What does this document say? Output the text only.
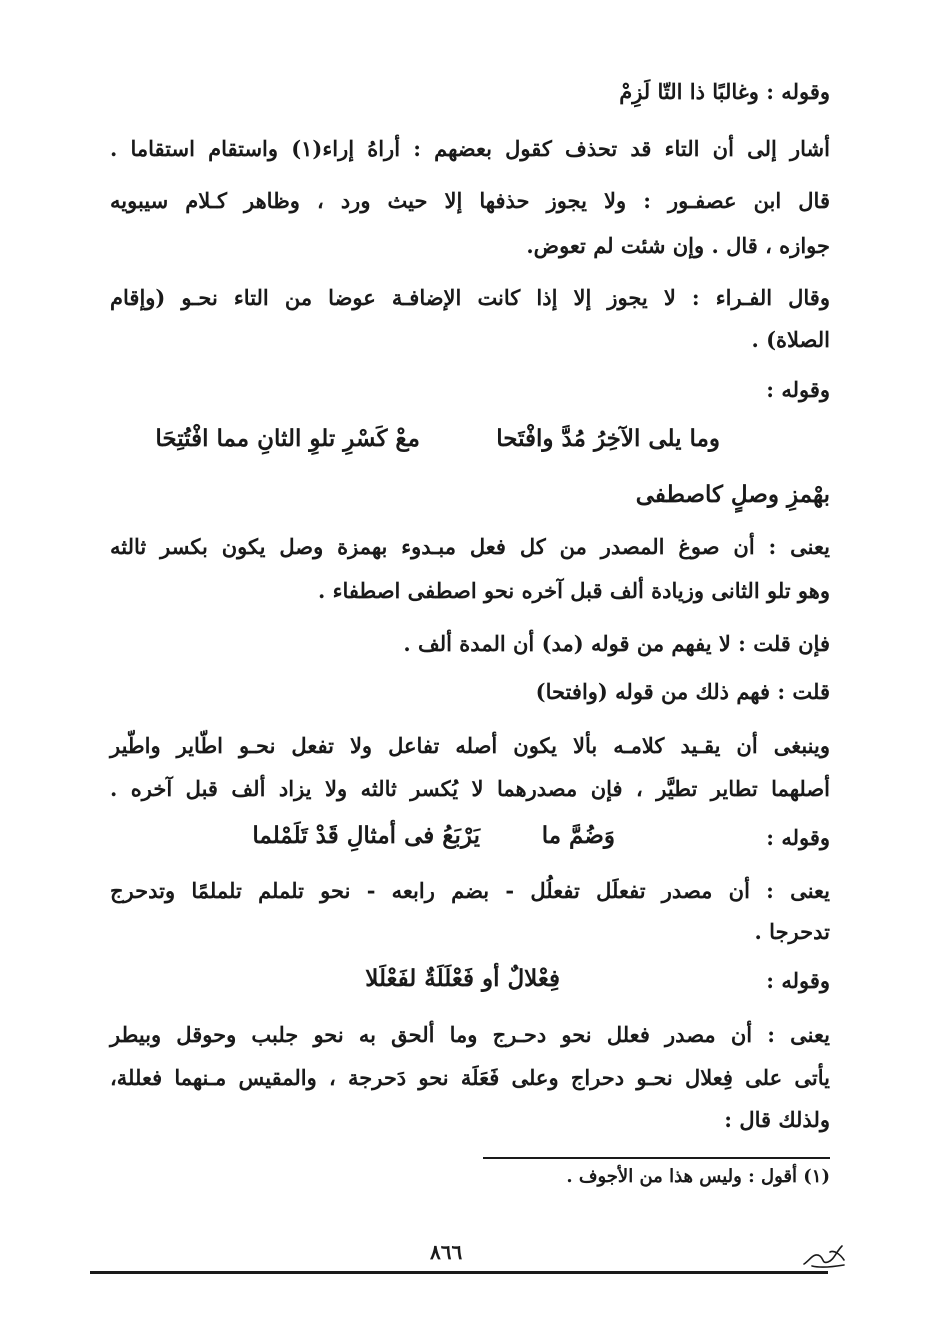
وقوله : وغالبًا ذا التّا لَزِمْ
أشار إلى أن التاء قد تحذف كقول بعضهم : أراهُ إراء(١) واستقام استقاما .
قال ابن عصفـور : ولا يجوز حذفها إلا حيث ورد ، وظاهر كـلام سيبويه
جوازه ، قال . وإن شئت لم تعوض.
وقال الفـراء : لا يجوز إلا إذا كانت الإضافـة عوضا من التاء نحـو (وإقام
الصلاة) .
وقوله :
وما يلى الآخِرُ مُدَّ وافْتَحا
معْ كَسْرِ تلوِ الثانِ مما افْتُتِحَا
بهْمزِ وصلٍ كاصطفى
يعنى : أن صوغ المصدر من كل فعل مبـدوء بهمزة وصل يكون بكسر ثالثه
وهو تلو الثانى وزيادة ألف قبل آخره نحو اصطفى اصطفاء .
فإن قلت : لا يفهم من قوله (مد) أن المدة ألف .
قلت : فهم ذلك من قوله (وافتحا)
وينبغى أن يقـيد كلامـه بألا يكون أصله تفاعل ولا تفعل نحـو اطّاير واطّير
أصلهما تطاير تطيَّر ، فإن مصدرهما لا يُكسر ثالثه ولا يزاد ألف قبل آخره .
وقوله :
وَضُمَّ ما
يَرْبَعُ فى أمثالِ قَدْ تَلَمْلما
يعنى : أن مصدر تفعلَل تفعلُل - بضم رابعه - نحو تلملم تلملمًا وتدحرج
تدحرجا .
وقوله :
فِعْلالٌ أو فَعْلَلَةٌ لفَعْلَلا
يعنى : أن مصدر فعلل نحو دحـرج وما ألحق به نحو جلبب وحوقل وبيطر
يأتى على فِعلال نحـو دحراج وعلى فَعَلَة نحو دَحرجة ، والمقيس مـنهما فعللة،
ولذلك قال :
(١) أقول : وليس هذا من الأجوف .
٨٦٦
